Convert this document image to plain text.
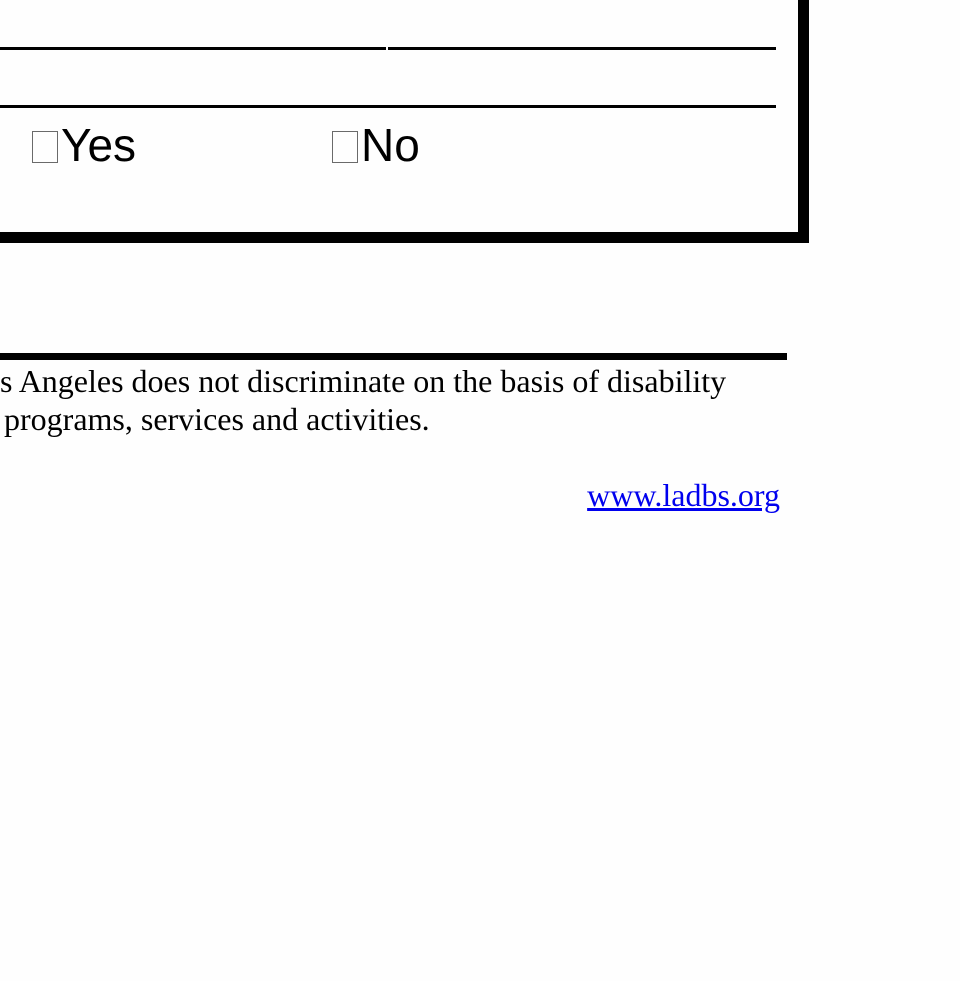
Yes	No
s Angeles does not discriminate on the basis of disability
programs, services and activities.
www.ladbs.org
